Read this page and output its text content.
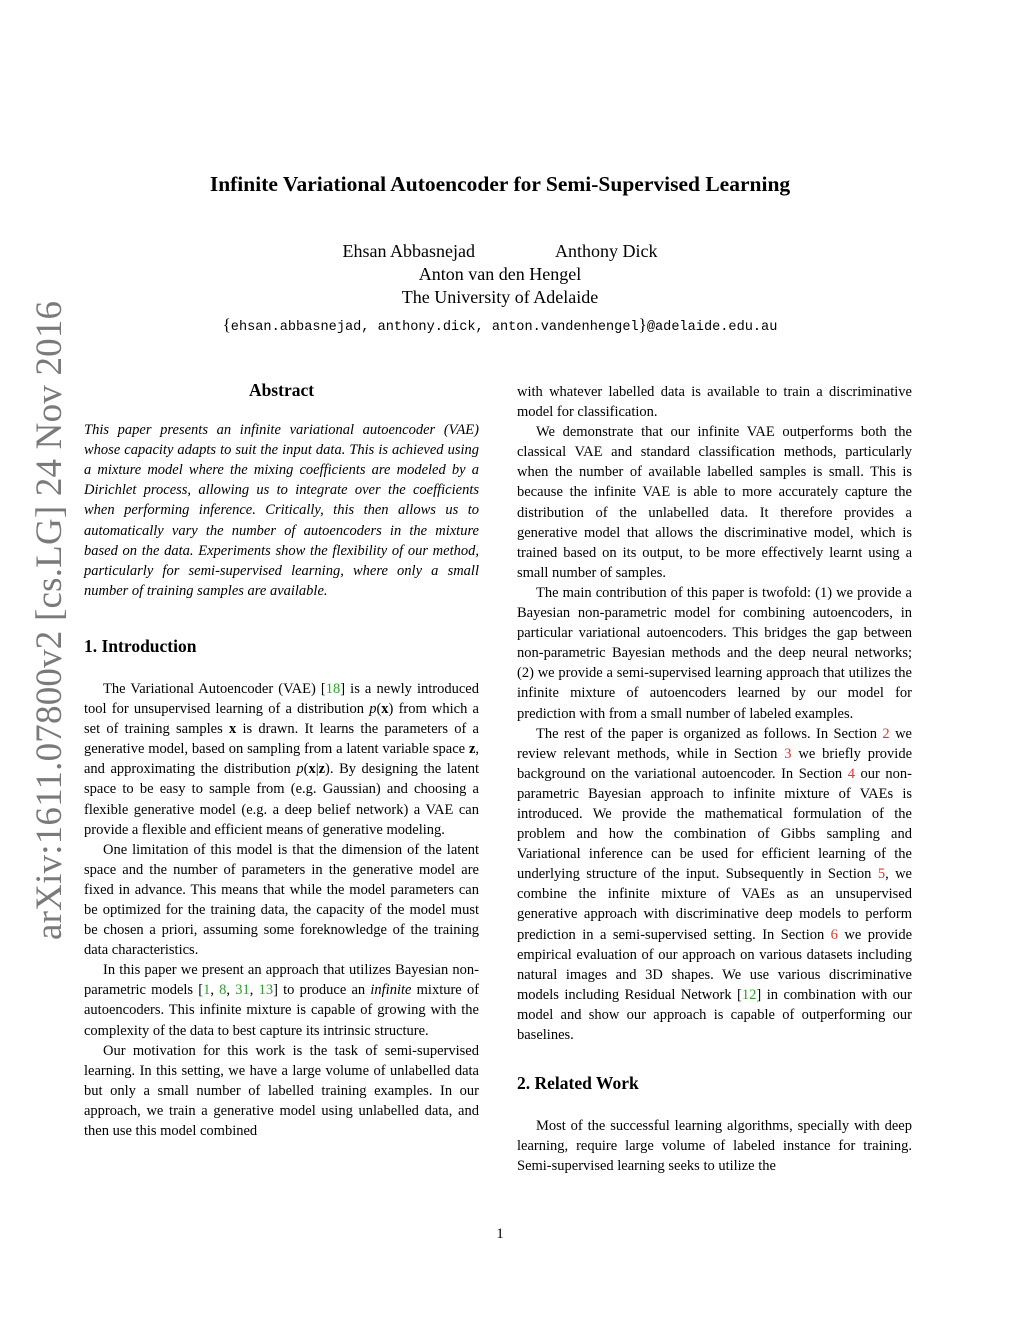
arXiv:1611.07800v2 [cs.LG] 24 Nov 2016
Infinite Variational Autoencoder for Semi-Supervised Learning
Ehsan Abbasnejad	Anthony Dick
Anton van den Hengel
The University of Adelaide
{ehsan.abbasnejad, anthony.dick, anton.vandenhengel}@adelaide.edu.au
Abstract
This paper presents an infinite variational autoencoder (VAE) whose capacity adapts to suit the input data. This is achieved using a mixture model where the mixing coefficients are modeled by a Dirichlet process, allowing us to integrate over the coefficients when performing inference. Critically, this then allows us to automatically vary the number of autoencoders in the mixture based on the data. Experiments show the flexibility of our method, particularly for semi-supervised learning, where only a small number of training samples are available.
1. Introduction

The Variational Autoencoder (VAE) [18] is a newly introduced tool for unsupervised learning of a distribution p(x) from which a set of training samples x is drawn. It learns the parameters of a generative model, based on sampling from a latent variable space z, and approximating the distribution p(x|z). By designing the latent space to be easy to sample from (e.g. Gaussian) and choosing a flexible generative model (e.g. a deep belief network) a VAE can provide a flexible and efficient means of generative modeling.

One limitation of this model is that the dimension of the latent space and the number of parameters in the generative model are fixed in advance. This means that while the model parameters can be optimized for the training data, the capacity of the model must be chosen a priori, assuming some foreknowledge of the training data characteristics.

In this paper we present an approach that utilizes Bayesian non-parametric models [1, 8, 31, 13] to produce an infinite mixture of autoencoders. This infinite mixture is capable of growing with the complexity of the data to best capture its intrinsic structure.

Our motivation for this work is the task of semi-supervised learning. In this setting, we have a large volume of unlabelled data but only a small number of labelled training examples. In our approach, we train a generative model using unlabelled data, and then use this model combined

with whatever labelled data is available to train a discriminative model for classification.

We demonstrate that our infinite VAE outperforms both the classical VAE and standard classification methods, particularly when the number of available labelled samples is small. This is because the infinite VAE is able to more accurately capture the distribution of the unlabelled data. It therefore provides a generative model that allows the discriminative model, which is trained based on its output, to be more effectively learnt using a small number of samples.

The main contribution of this paper is twofold: (1) we provide a Bayesian non-parametric model for combining autoencoders, in particular variational autoencoders. This bridges the gap between non-parametric Bayesian methods and the deep neural networks; (2) we provide a semi-supervised learning approach that utilizes the infinite mixture of autoencoders learned by our model for prediction with from a small number of labeled examples.

The rest of the paper is organized as follows. In Section 2 we review relevant methods, while in Section 3 we briefly provide background on the variational autoencoder. In Section 4 our non-parametric Bayesian approach to infinite mixture of VAEs is introduced. We provide the mathematical formulation of the problem and how the combination of Gibbs sampling and Variational inference can be used for efficient learning of the underlying structure of the input. Subsequently in Section 5, we combine the infinite mixture of VAEs as an unsupervised generative approach with discriminative deep models to perform prediction in a semi-supervised setting. In Section 6 we provide empirical evaluation of our approach on various datasets including natural images and 3D shapes. We use various discriminative models including Residual Network [12] in combination with our model and show our approach is capable of outperforming our baselines.

2. Related Work

Most of the successful learning algorithms, specially with deep learning, require large volume of labeled instance for training. Semi-supervised learning seeks to utilize the

1
